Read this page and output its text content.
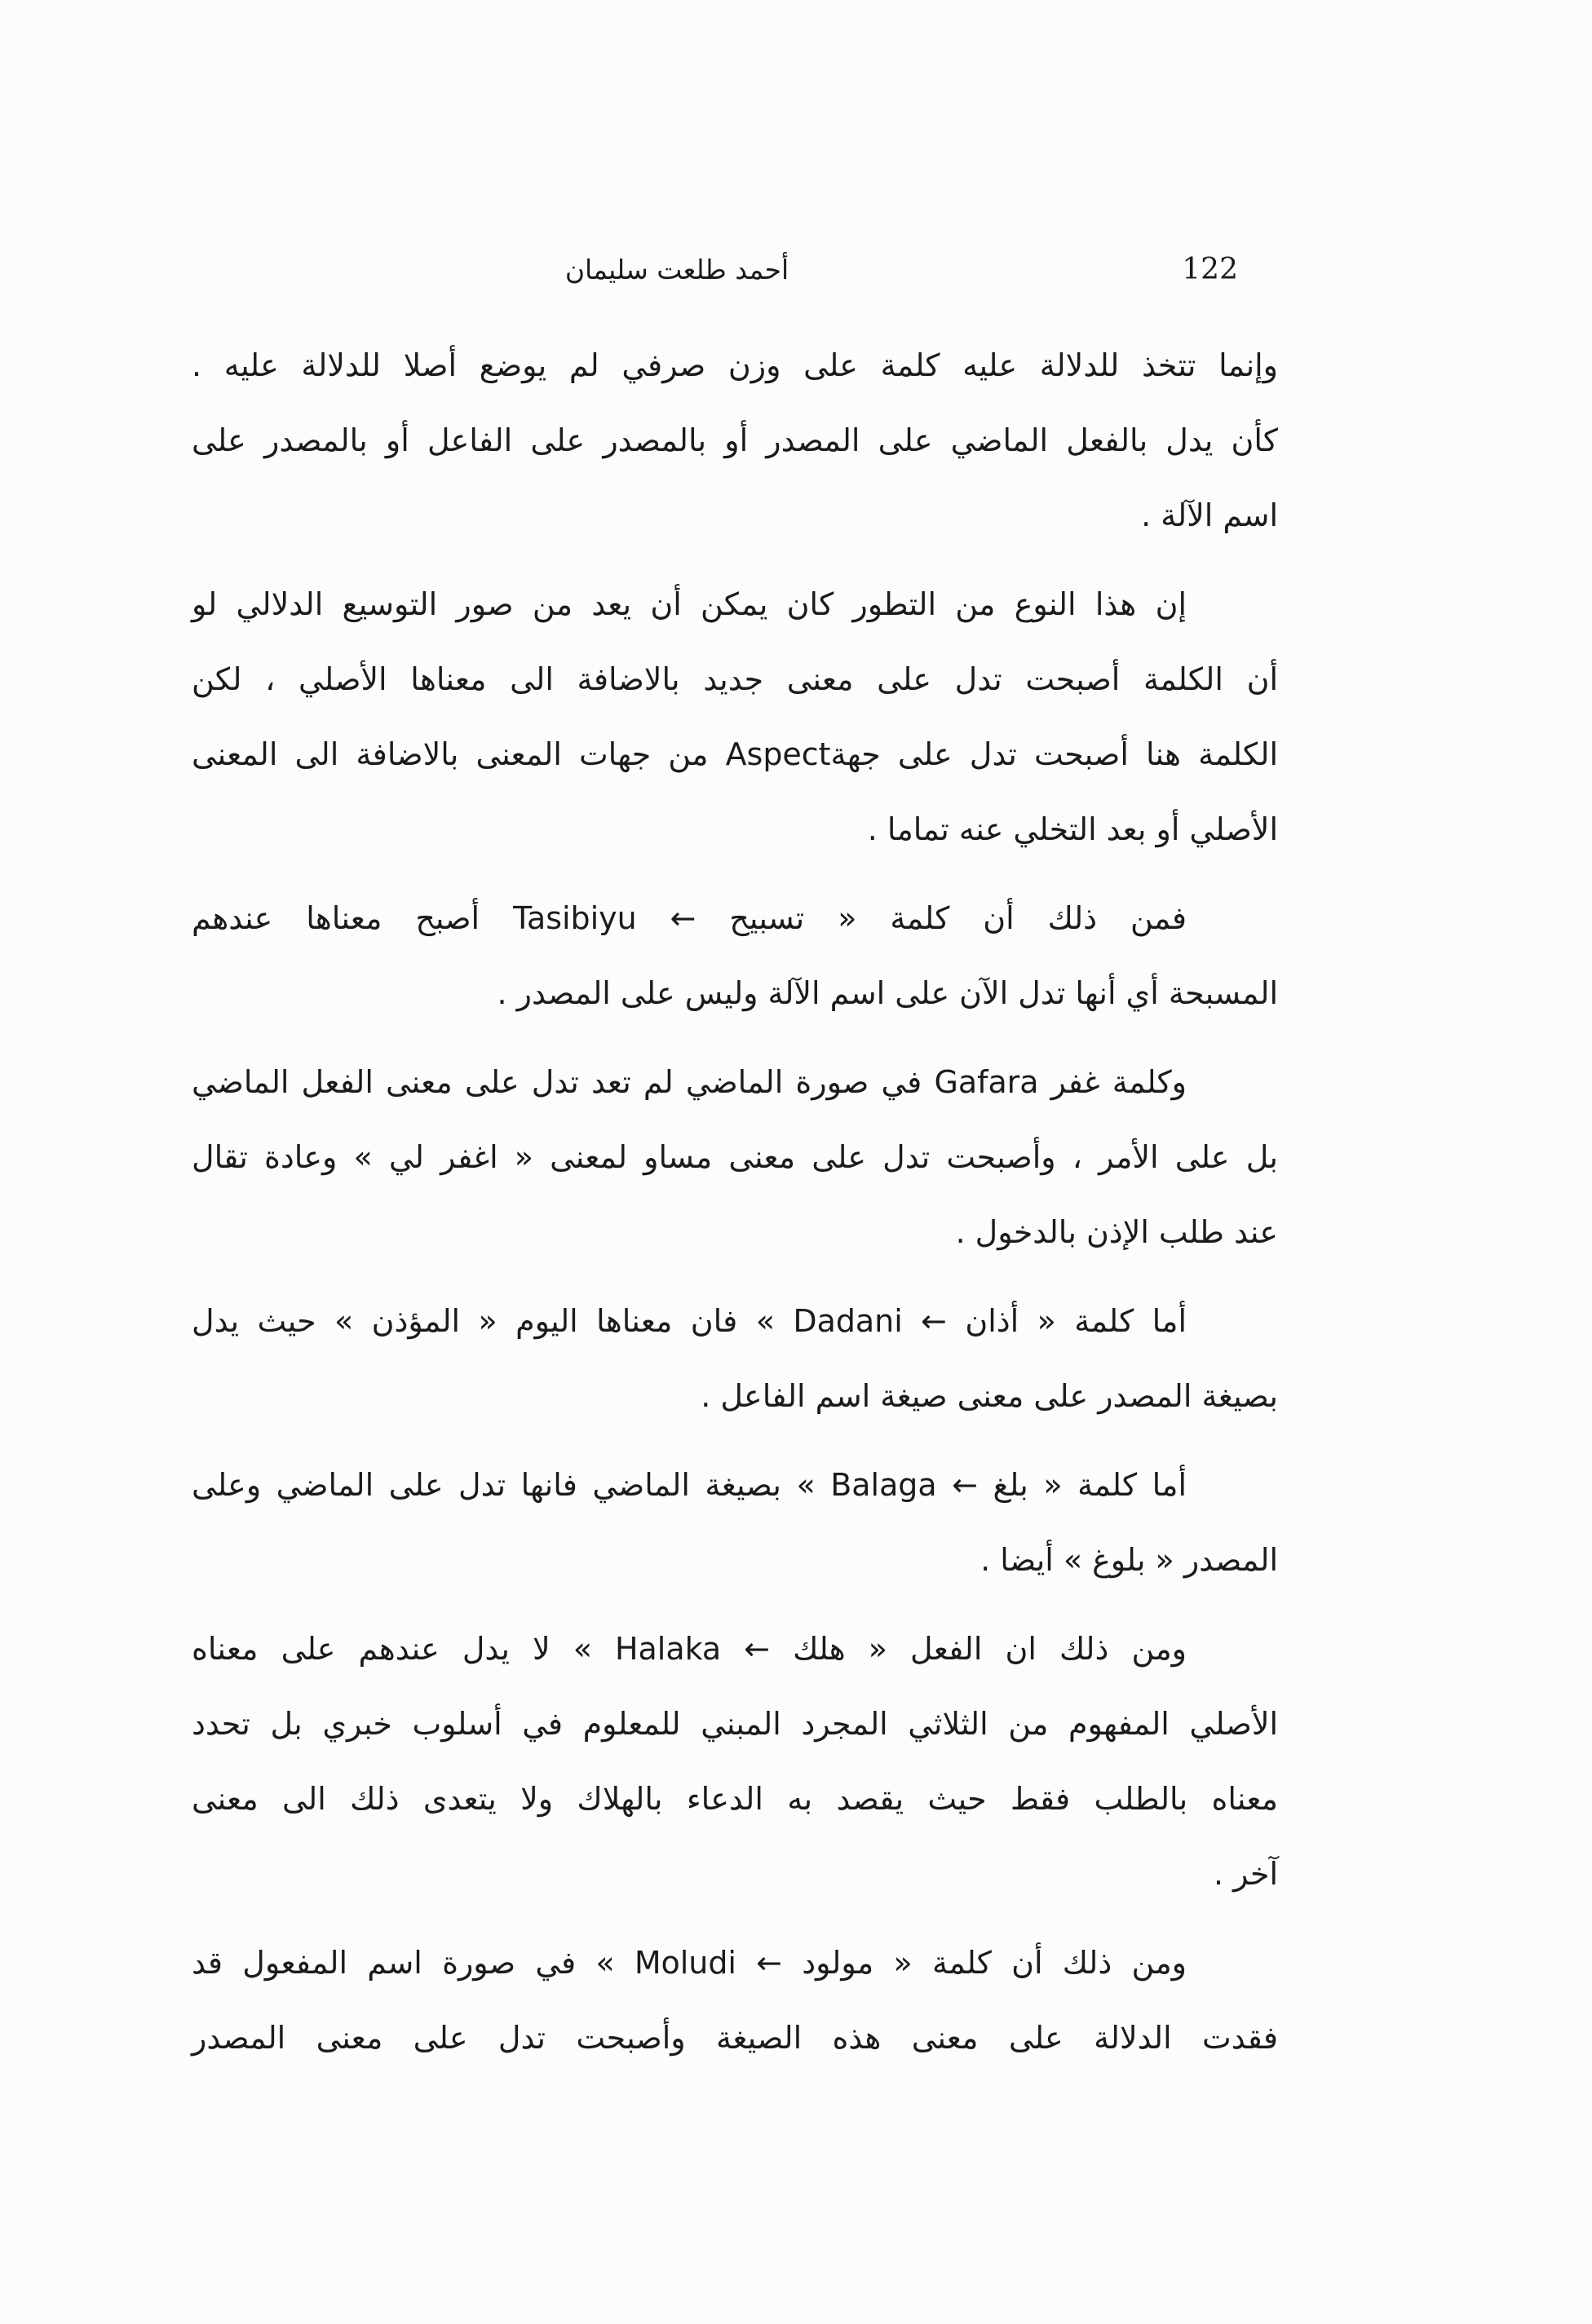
122
أحمد طلعت سليمان
وإنما تتخذ للدلالة عليه كلمة على وزن صرفي لم يوضع أصلا للدلالة عليه .
كأن يدل بالفعل الماضي على المصدر أو بالمصدر على الفاعل أو بالمصدر على
اسم الآلة .
إن هذا النوع من التطور كان يمكن أن يعد من صور التوسيع الدلالي لو
أن الكلمة أصبحت تدل على معنى جديد بالاضافة الى معناها الأصلي ، لكن
الكلمة هنا أصبحت تدل على جهةAspect من جهات المعنى بالاضافة الى المعنى
الأصلي أو بعد التخلي عنه تماما .
فمن ذلك أن كلمة « تسبيح ← Tasibiyu أصبح معناها عندهم
المسبحة أي أنها تدل الآن على اسم الآلة وليس على المصدر .
وكلمة غفر Gafara في صورة الماضي لم تعد تدل على معنى الفعل الماضي
بل على الأمر ، وأصبحت تدل على معنى مساو لمعنى « اغفر لي » وعادة تقال
عند طلب الإذن بالدخول .
أما كلمة « أذان ← Dadani » فان معناها اليوم « المؤذن » حيث يدل
بصيغة المصدر على معنى صيغة اسم الفاعل .
أما كلمة « بلغ ← Balaga » بصيغة الماضي فانها تدل على الماضي وعلى
المصدر « بلوغ » أيضا .
ومن ذلك ان الفعل « هلك ← Halaka » لا يدل عندهم على معناه
الأصلي المفهوم من الثلاثي المجرد المبني للمعلوم في أسلوب خبري بل تحدد
معناه بالطلب فقط حيث يقصد به الدعاء بالهلاك ولا يتعدى ذلك الى معنى
آخر .
ومن ذلك أن كلمة « مولود ← Moludi » في صورة اسم المفعول قد
فقدت الدلالة على معنى هذه الصيغة وأصبحت تدل على معنى المصدر
